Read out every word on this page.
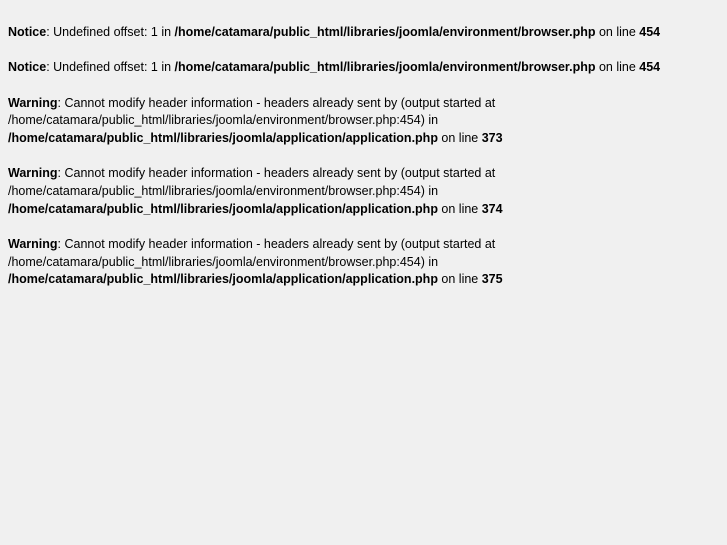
Notice: Undefined offset: 1 in /home/catamara/public_html/libraries/joomla/environment/browser.php on line 454
Notice: Undefined offset: 1 in /home/catamara/public_html/libraries/joomla/environment/browser.php on line 454
Warning: Cannot modify header information - headers already sent by (output started at /home/catamara/public_html/libraries/joomla/environment/browser.php:454) in /home/catamara/public_html/libraries/joomla/application/application.php on line 373
Warning: Cannot modify header information - headers already sent by (output started at /home/catamara/public_html/libraries/joomla/environment/browser.php:454) in /home/catamara/public_html/libraries/joomla/application/application.php on line 374
Warning: Cannot modify header information - headers already sent by (output started at /home/catamara/public_html/libraries/joomla/environment/browser.php:454) in /home/catamara/public_html/libraries/joomla/application/application.php on line 375
